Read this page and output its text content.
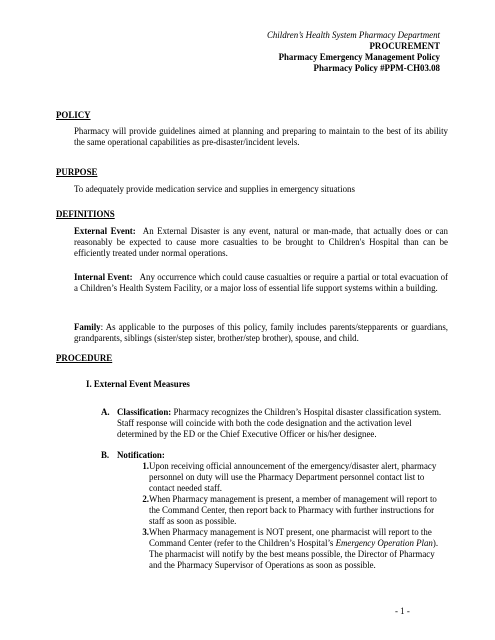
Children’s Health System Pharmacy Department
PROCUREMENT
Pharmacy Emergency Management Policy
Pharmacy Policy #PPM-CH03.08
POLICY
Pharmacy will provide guidelines aimed at planning and preparing to maintain to the best of its ability the same operational capabilities as pre-disaster/incident levels.
PURPOSE
To adequately provide medication service and supplies in emergency situations
DEFINITIONS
External Event: An External Disaster is any event, natural or man-made, that actually does or can reasonably be expected to cause more casualties to be brought to Children's Hospital than can be efficiently treated under normal operations.
Internal Event: Any occurrence which could cause casualties or require a partial or total evacuation of a Children’s Health System Facility, or a major loss of essential life support systems within a building.
Family: As applicable to the purposes of this policy, family includes parents/stepparents or guardians, grandparents, siblings (sister/step sister, brother/step brother), spouse, and child.
PROCEDURE
I. External Event Measures
A. Classification: Pharmacy recognizes the Children’s Hospital disaster classification system. Staff response will coincide with both the code designation and the activation level determined by the ED or the Chief Executive Officer or his/her designee.
B. Notification:
1. Upon receiving official announcement of the emergency/disaster alert, pharmacy personnel on duty will use the Pharmacy Department personnel contact list to contact needed staff.
2. When Pharmacy management is present, a member of management will report to the Command Center, then report back to Pharmacy with further instructions for staff as soon as possible.
3. When Pharmacy management is NOT present, one pharmacist will report to the Command Center (refer to the Children’s Hospital’s Emergency Operation Plan). The pharmacist will notify by the best means possible, the Director of Pharmacy and the Pharmacy Supervisor of Operations as soon as possible.
- 1 -
